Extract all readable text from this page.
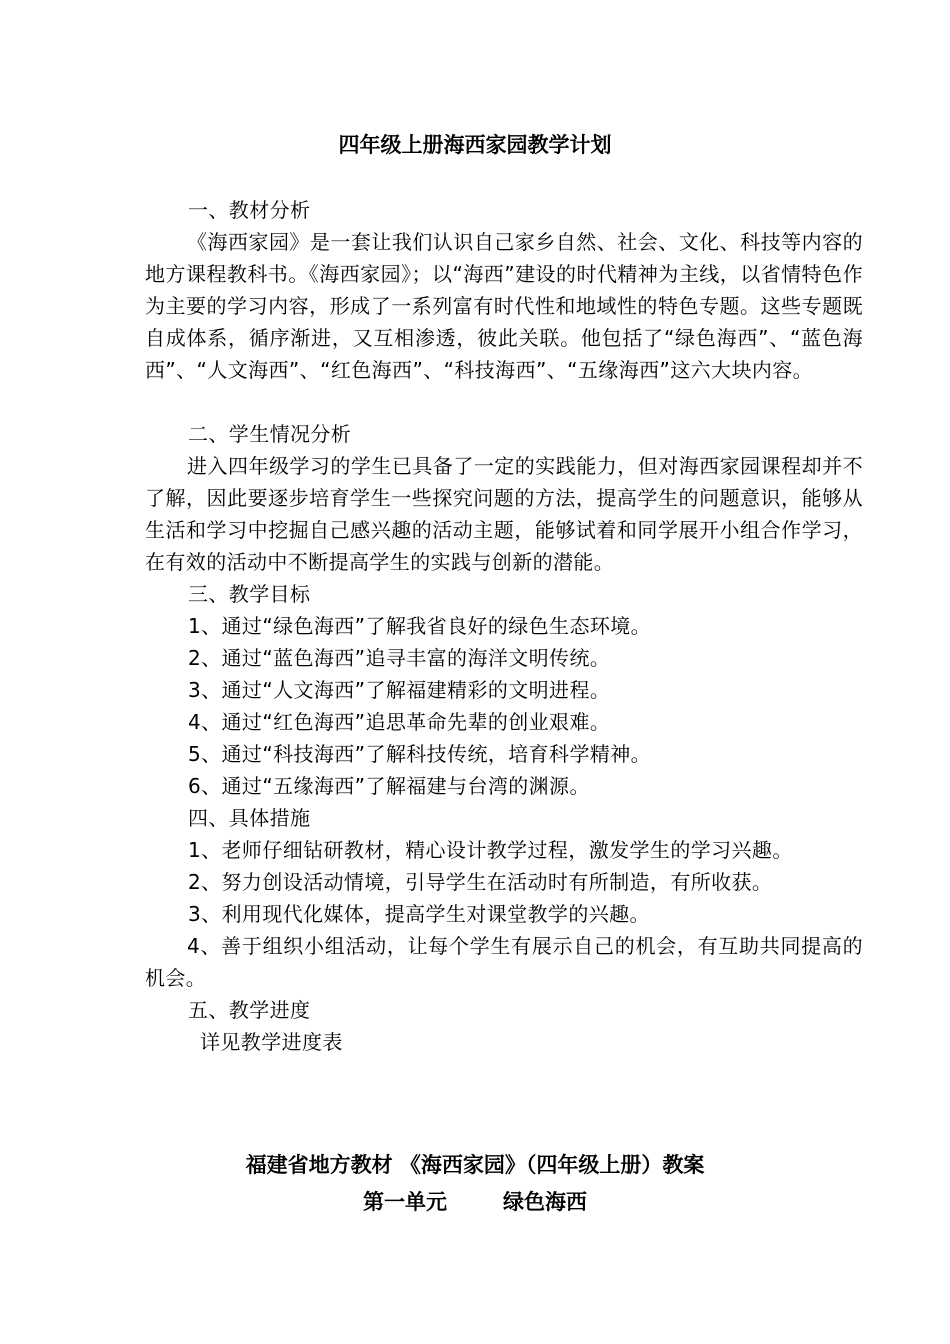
四年级上册海西家园教学计划

一、教材分析

《海西家园》是一套让我们认识自己家乡自然、社会、文化、科技等内容的地方课程教科书。《海西家园》；以“海西”建设的时代精神为主线，以省情特色作为主要的学习内容，形成了一系列富有时代性和地域性的特色专题。这些专题既自成体系，循序渐进，又互相渗透，彼此关联。他包括了“绿色海西”、“蓝色海西”、“人文海西”、“红色海西”、“科技海西”、“五缘海西”这六大块内容。

二、学生情况分析

进入四年级学习的学生已具备了一定的实践能力，但对海西家园课程却并不了解，因此要逐步培育学生一些探究问题的方法，提高学生的问题意识，能够从生活和学习中挖掘自己感兴趣的活动主题，能够试着和同学展开小组合作学习，在有效的活动中不断提高学生的实践与创新的潜能。

三、教学目标

1、通过“绿色海西”了解我省良好的绿色生态环境。

2、通过“蓝色海西”追寻丰富的海洋文明传统。

3、通过“人文海西”了解福建精彩的文明进程。

4、通过“红色海西”追思革命先辈的创业艰难。

5、通过“科技海西”了解科技传统，培育科学精神。

6、通过“五缘海西”了解福建与台湾的渊源。

四、具体措施

1、老师仔细钻研教材，精心设计教学过程，激发学生的学习兴趣。

2、努力创设活动情境，引导学生在活动时有所制造，有所收获。

3、利用现代化媒体，提高学生对课堂教学的兴趣。

4、善于组织小组活动，让每个学生有展示自己的机会，有互助共同提高的机会。

五、教学进度

详见教学进度表

福建省地方教材 《海西家园》（四年级上册）教案

第一单元	绿色海西
